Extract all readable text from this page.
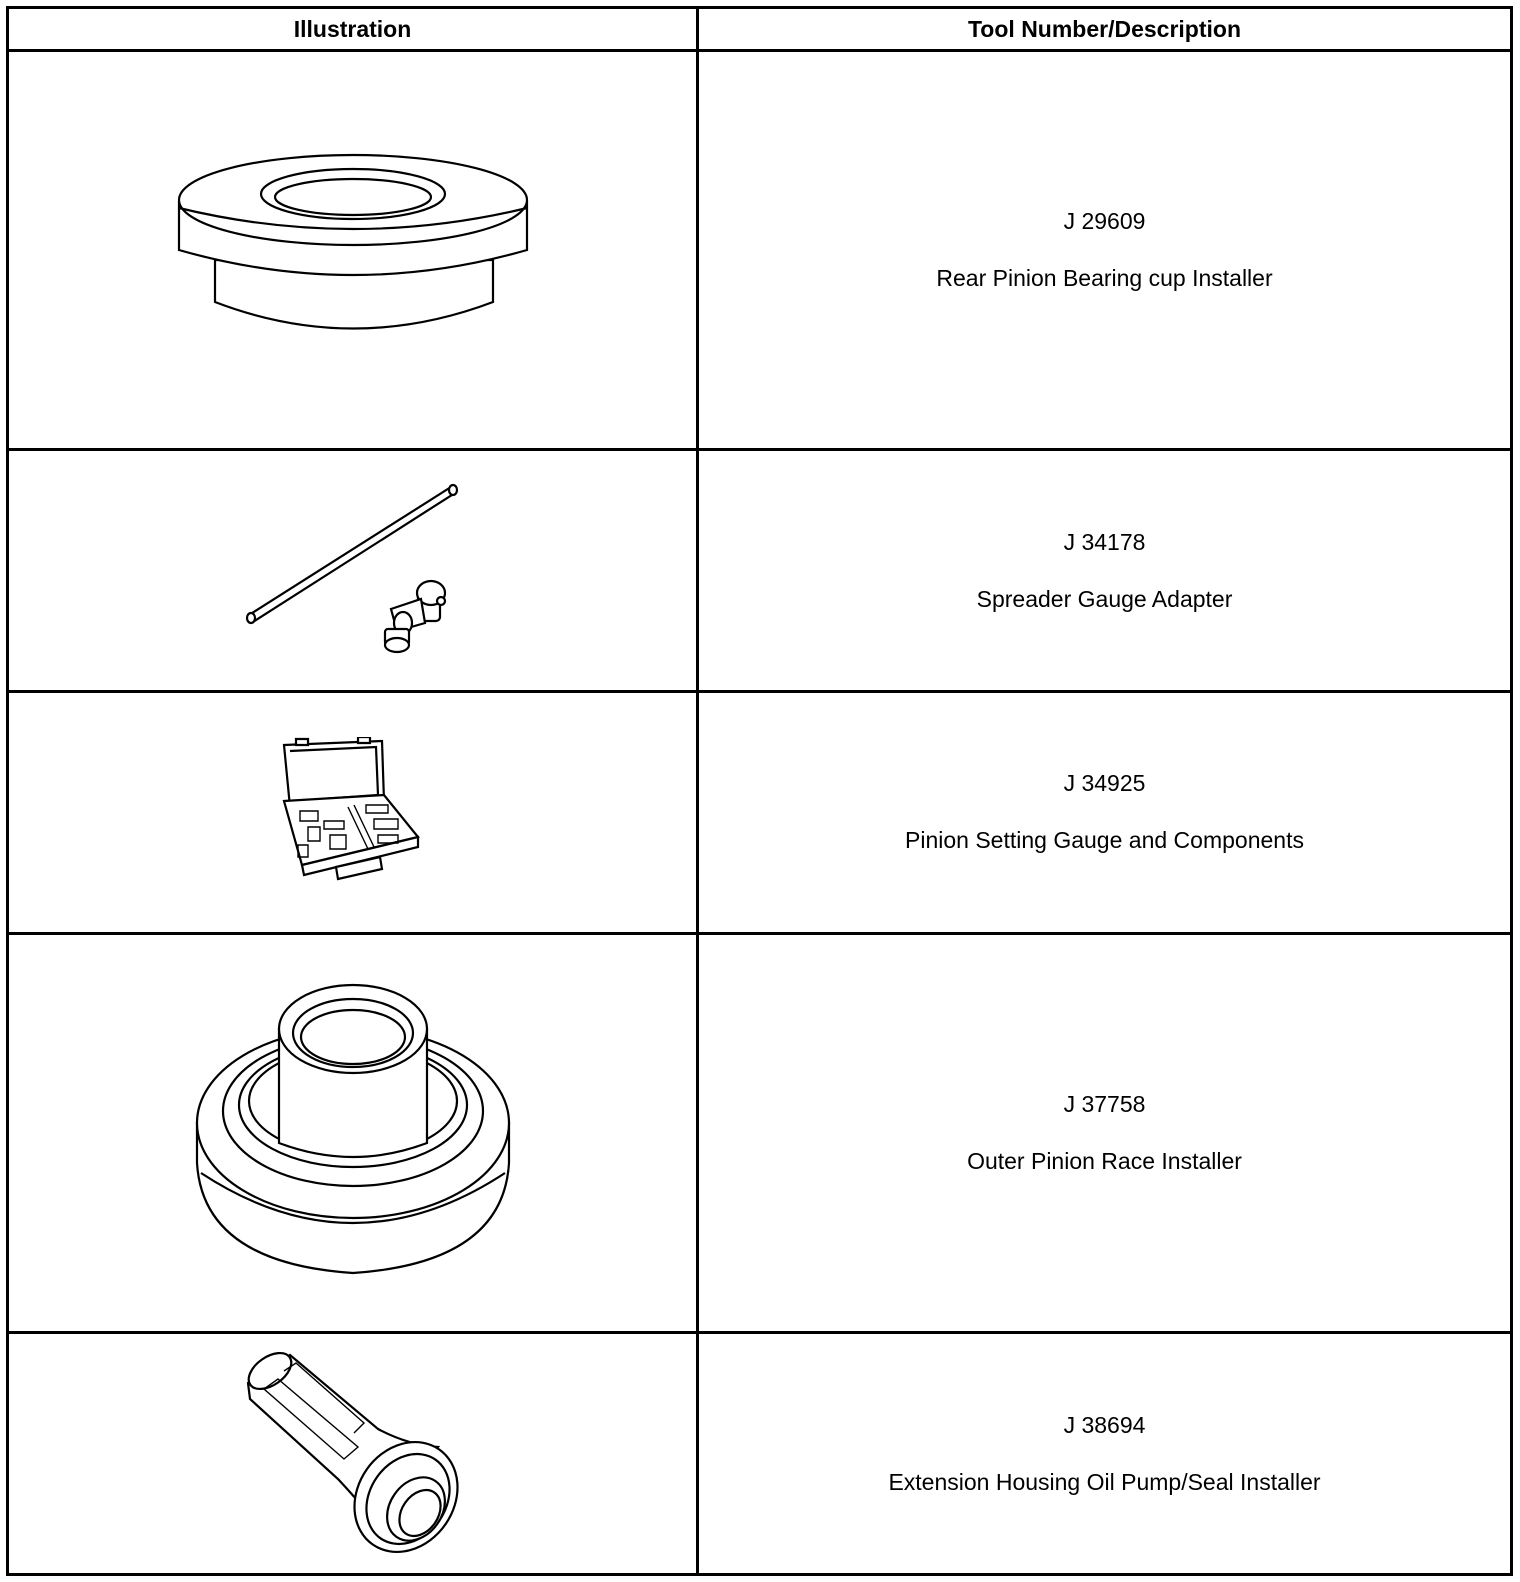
Illustration	Tool Number/Description

J 29609
Rear Pinion Bearing cup Installer

J 34178
Spreader Gauge Adapter

J 34925
Pinion Setting Gauge and Components

J 37758
Outer Pinion Race Installer

J 38694
Extension Housing Oil Pump/Seal Installer
